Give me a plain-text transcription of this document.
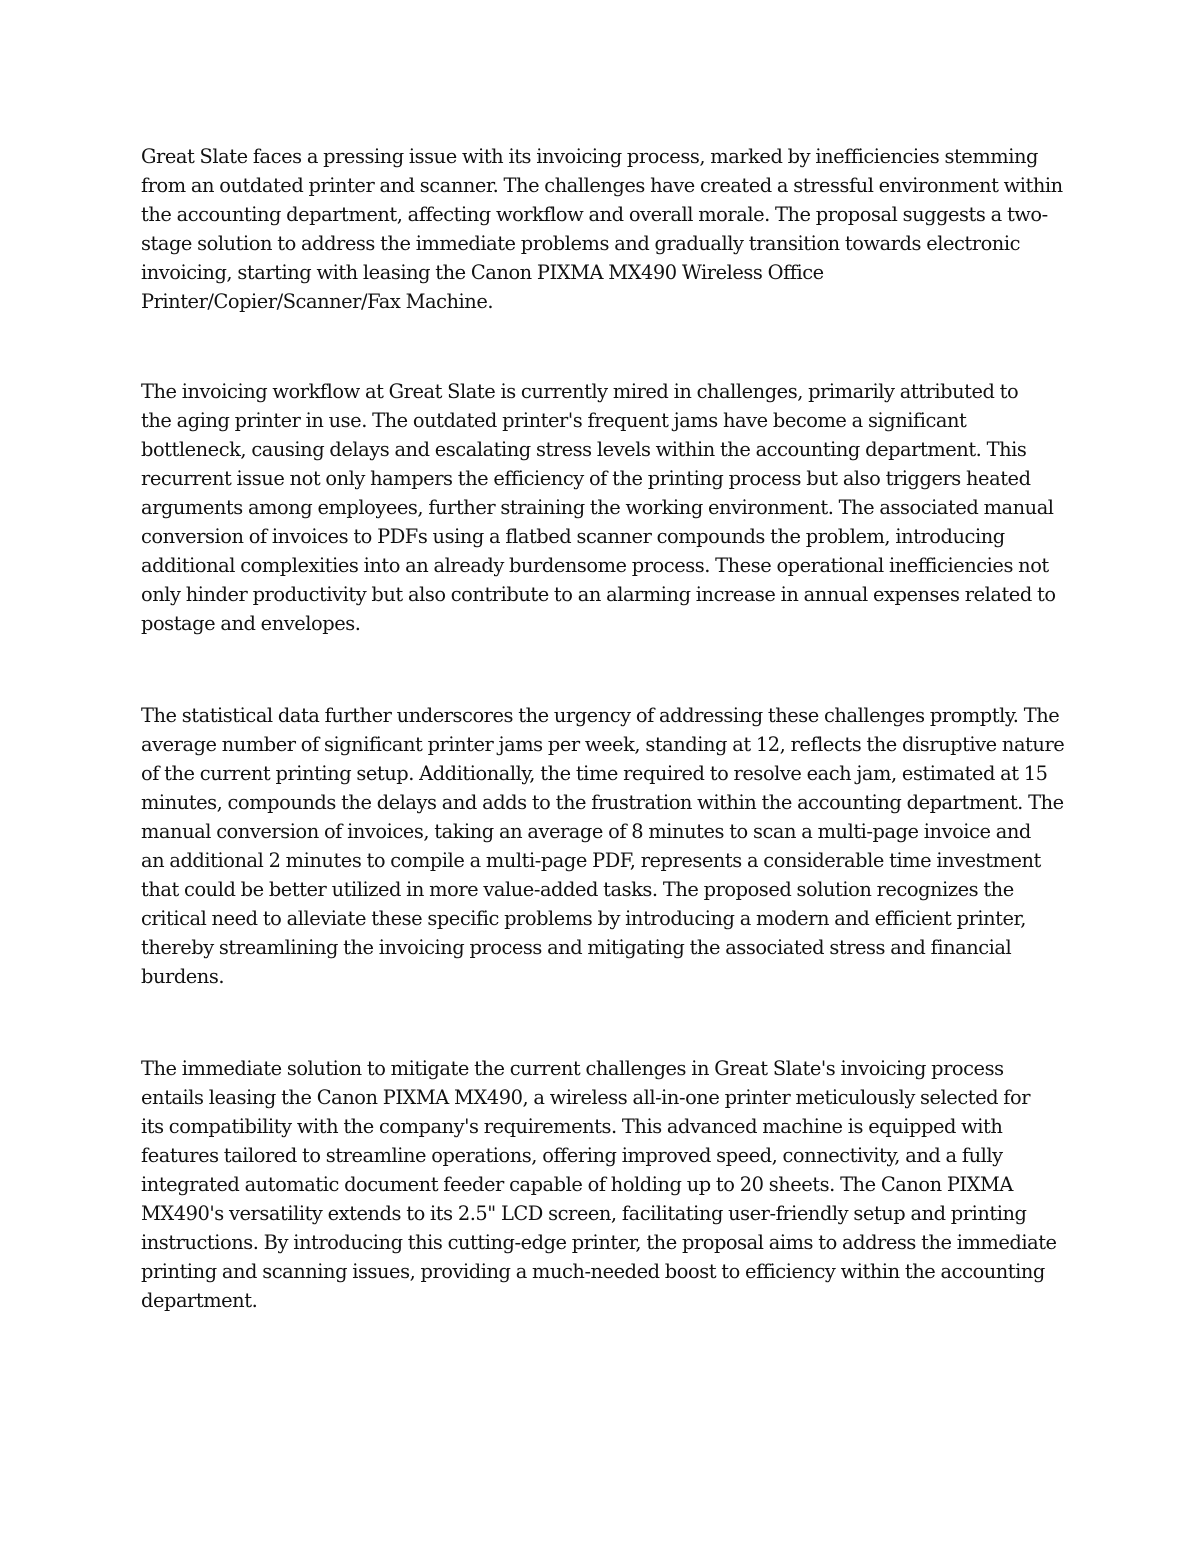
Great Slate faces a pressing issue with its invoicing process, marked by inefficiencies stemming
from an outdated printer and scanner. The challenges have created a stressful environment within
the accounting department, affecting workflow and overall morale. The proposal suggests a two-
stage solution to address the immediate problems and gradually transition towards electronic
invoicing, starting with leasing the Canon PIXMA MX490 Wireless Office
Printer/Copier/Scanner/Fax Machine.

The invoicing workflow at Great Slate is currently mired in challenges, primarily attributed to
the aging printer in use. The outdated printer's frequent jams have become a significant
bottleneck, causing delays and escalating stress levels within the accounting department. This
recurrent issue not only hampers the efficiency of the printing process but also triggers heated
arguments among employees, further straining the working environment. The associated manual
conversion of invoices to PDFs using a flatbed scanner compounds the problem, introducing
additional complexities into an already burdensome process. These operational inefficiencies not
only hinder productivity but also contribute to an alarming increase in annual expenses related to
postage and envelopes.

The statistical data further underscores the urgency of addressing these challenges promptly. The
average number of significant printer jams per week, standing at 12, reflects the disruptive nature
of the current printing setup. Additionally, the time required to resolve each jam, estimated at 15
minutes, compounds the delays and adds to the frustration within the accounting department. The
manual conversion of invoices, taking an average of 8 minutes to scan a multi-page invoice and
an additional 2 minutes to compile a multi-page PDF, represents a considerable time investment
that could be better utilized in more value-added tasks. The proposed solution recognizes the
critical need to alleviate these specific problems by introducing a modern and efficient printer,
thereby streamlining the invoicing process and mitigating the associated stress and financial
burdens.

The immediate solution to mitigate the current challenges in Great Slate's invoicing process
entails leasing the Canon PIXMA MX490, a wireless all-in-one printer meticulously selected for
its compatibility with the company's requirements. This advanced machine is equipped with
features tailored to streamline operations, offering improved speed, connectivity, and a fully
integrated automatic document feeder capable of holding up to 20 sheets. The Canon PIXMA
MX490's versatility extends to its 2.5" LCD screen, facilitating user-friendly setup and printing
instructions. By introducing this cutting-edge printer, the proposal aims to address the immediate
printing and scanning issues, providing a much-needed boost to efficiency within the accounting
department.
